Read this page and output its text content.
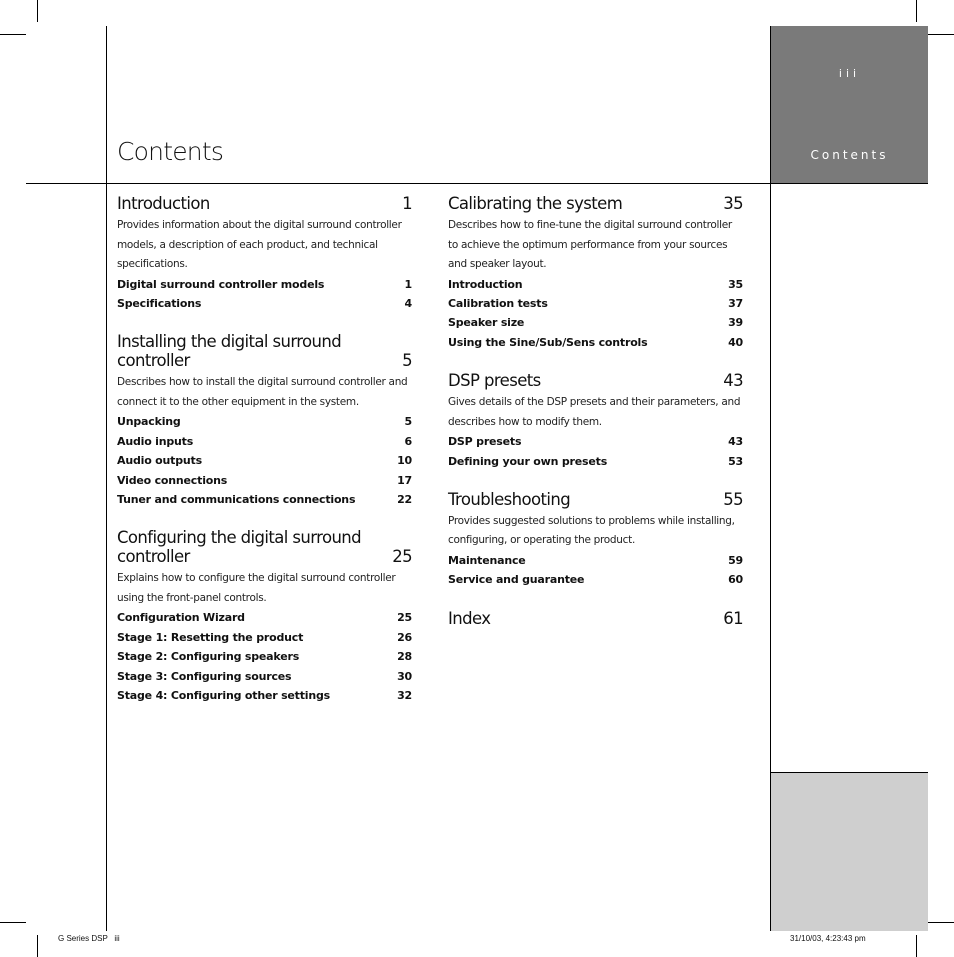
iii
Contents
Contents
Introduction	1
Provides information about the digital surround controller models, a description of each product, and technical specifications.
Digital surround controller models	1
Specifications	4
Installing the digital surround controller	5
Describes how to install the digital surround controller and connect it to the other equipment in the system.
Unpacking	5
Audio inputs	6
Audio outputs	10
Video connections	17
Tuner and communications connections	22
Configuring the digital surround controller	25
Explains how to configure the digital surround controller using the front-panel controls.
Configuration Wizard	25
Stage 1: Resetting the product	26
Stage 2: Configuring speakers	28
Stage 3: Configuring sources	30
Stage 4: Configuring other settings	32
Calibrating the system	35
Describes how to fine-tune the digital surround controller to achieve the optimum performance from your sources and speaker layout.
Introduction	35
Calibration tests	37
Speaker size	39
Using the Sine/Sub/Sens controls	40
DSP presets	43
Gives details of the DSP presets and their parameters, and describes how to modify them.
DSP presets	43
Defining your own presets	53
Troubleshooting	55
Provides suggested solutions to problems while installing, configuring, or operating the product.
Maintenance	59
Service and guarantee	60
Index	61
G Series DSP   iii	31/10/03, 4:23:43 pm
